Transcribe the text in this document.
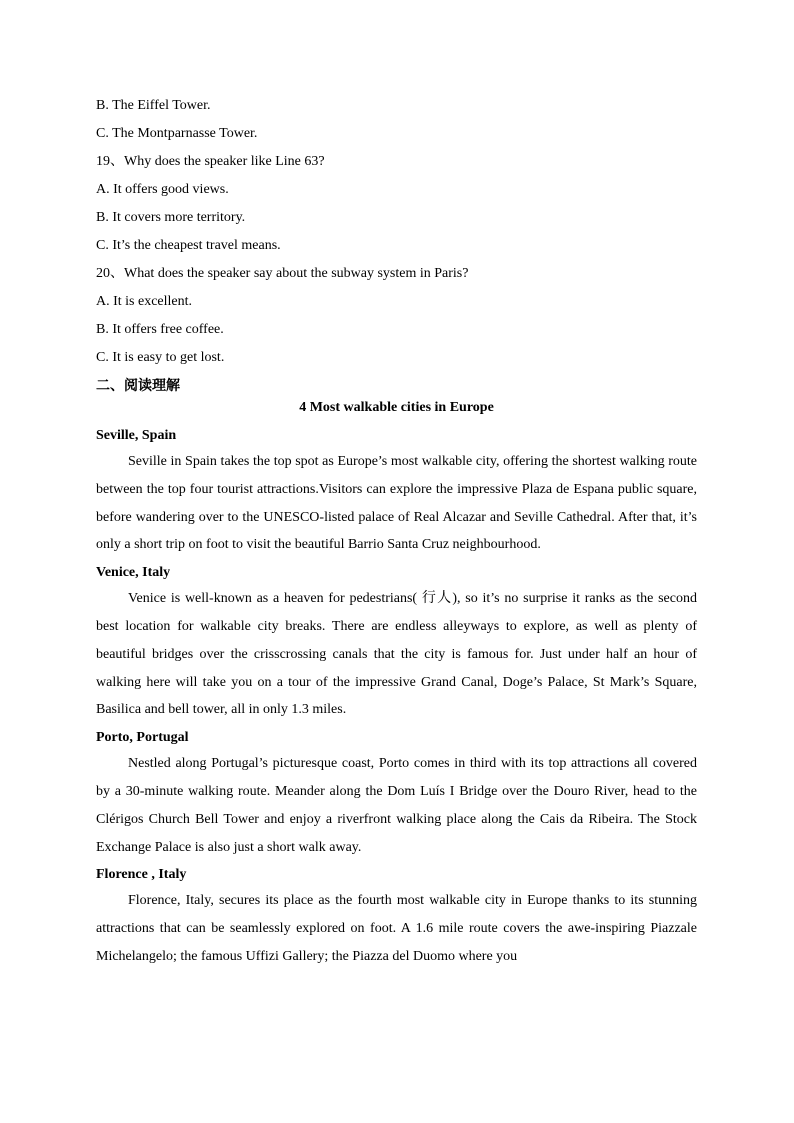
B. The Eiffel Tower.
C. The Montparnasse Tower.
19、Why does the speaker like Line 63?
A. It offers good views.
B. It covers more territory.
C. It’s the cheapest travel means.
20、What does the speaker say about the subway system in Paris?
A. It is excellent.
B. It offers free coffee.
C. It is easy to get lost.
二、阅读理解
4 Most walkable cities in Europe
Seville, Spain

Seville in Spain takes the top spot as Europe’s most walkable city, offering the shortest walking route between the top four tourist attractions.Visitors can explore the impressive Plaza de Espana public square, before wandering over to the UNESCO-listed palace of Real Alcazar and Seville Cathedral. After that, it’s only a short trip on foot to visit the beautiful Barrio Santa Cruz neighbourhood.

Venice, Italy

Venice is well-known as a heaven for pedestrians( 行人), so it’s no surprise it ranks as the second best location for walkable city breaks. There are endless alleyways to explore, as well as plenty of beautiful bridges over the crisscrossing canals that the city is famous for. Just under half an hour of walking here will take you on a tour of the impressive Grand Canal, Doge’s Palace, St Mark’s Square, Basilica and bell tower, all in only 1.3 miles.

Porto, Portugal

Nestled along Portugal’s picturesque coast, Porto comes in third with its top attractions all covered by a 30-minute walking route. Meander along the Dom Luís I Bridge over the Douro River, head to the Clérigos Church Bell Tower and enjoy a riverfront walking place along the Cais da Ribeira. The Stock Exchange Palace is also just a short walk away.

Florence , Italy

Florence, Italy, secures its place as the fourth most walkable city in Europe thanks to its stunning attractions that can be seamlessly explored on foot. A 1.6 mile route covers the awe-inspiring Piazzale Michelangelo; the famous Uffizi Gallery; the Piazza del Duomo where you
